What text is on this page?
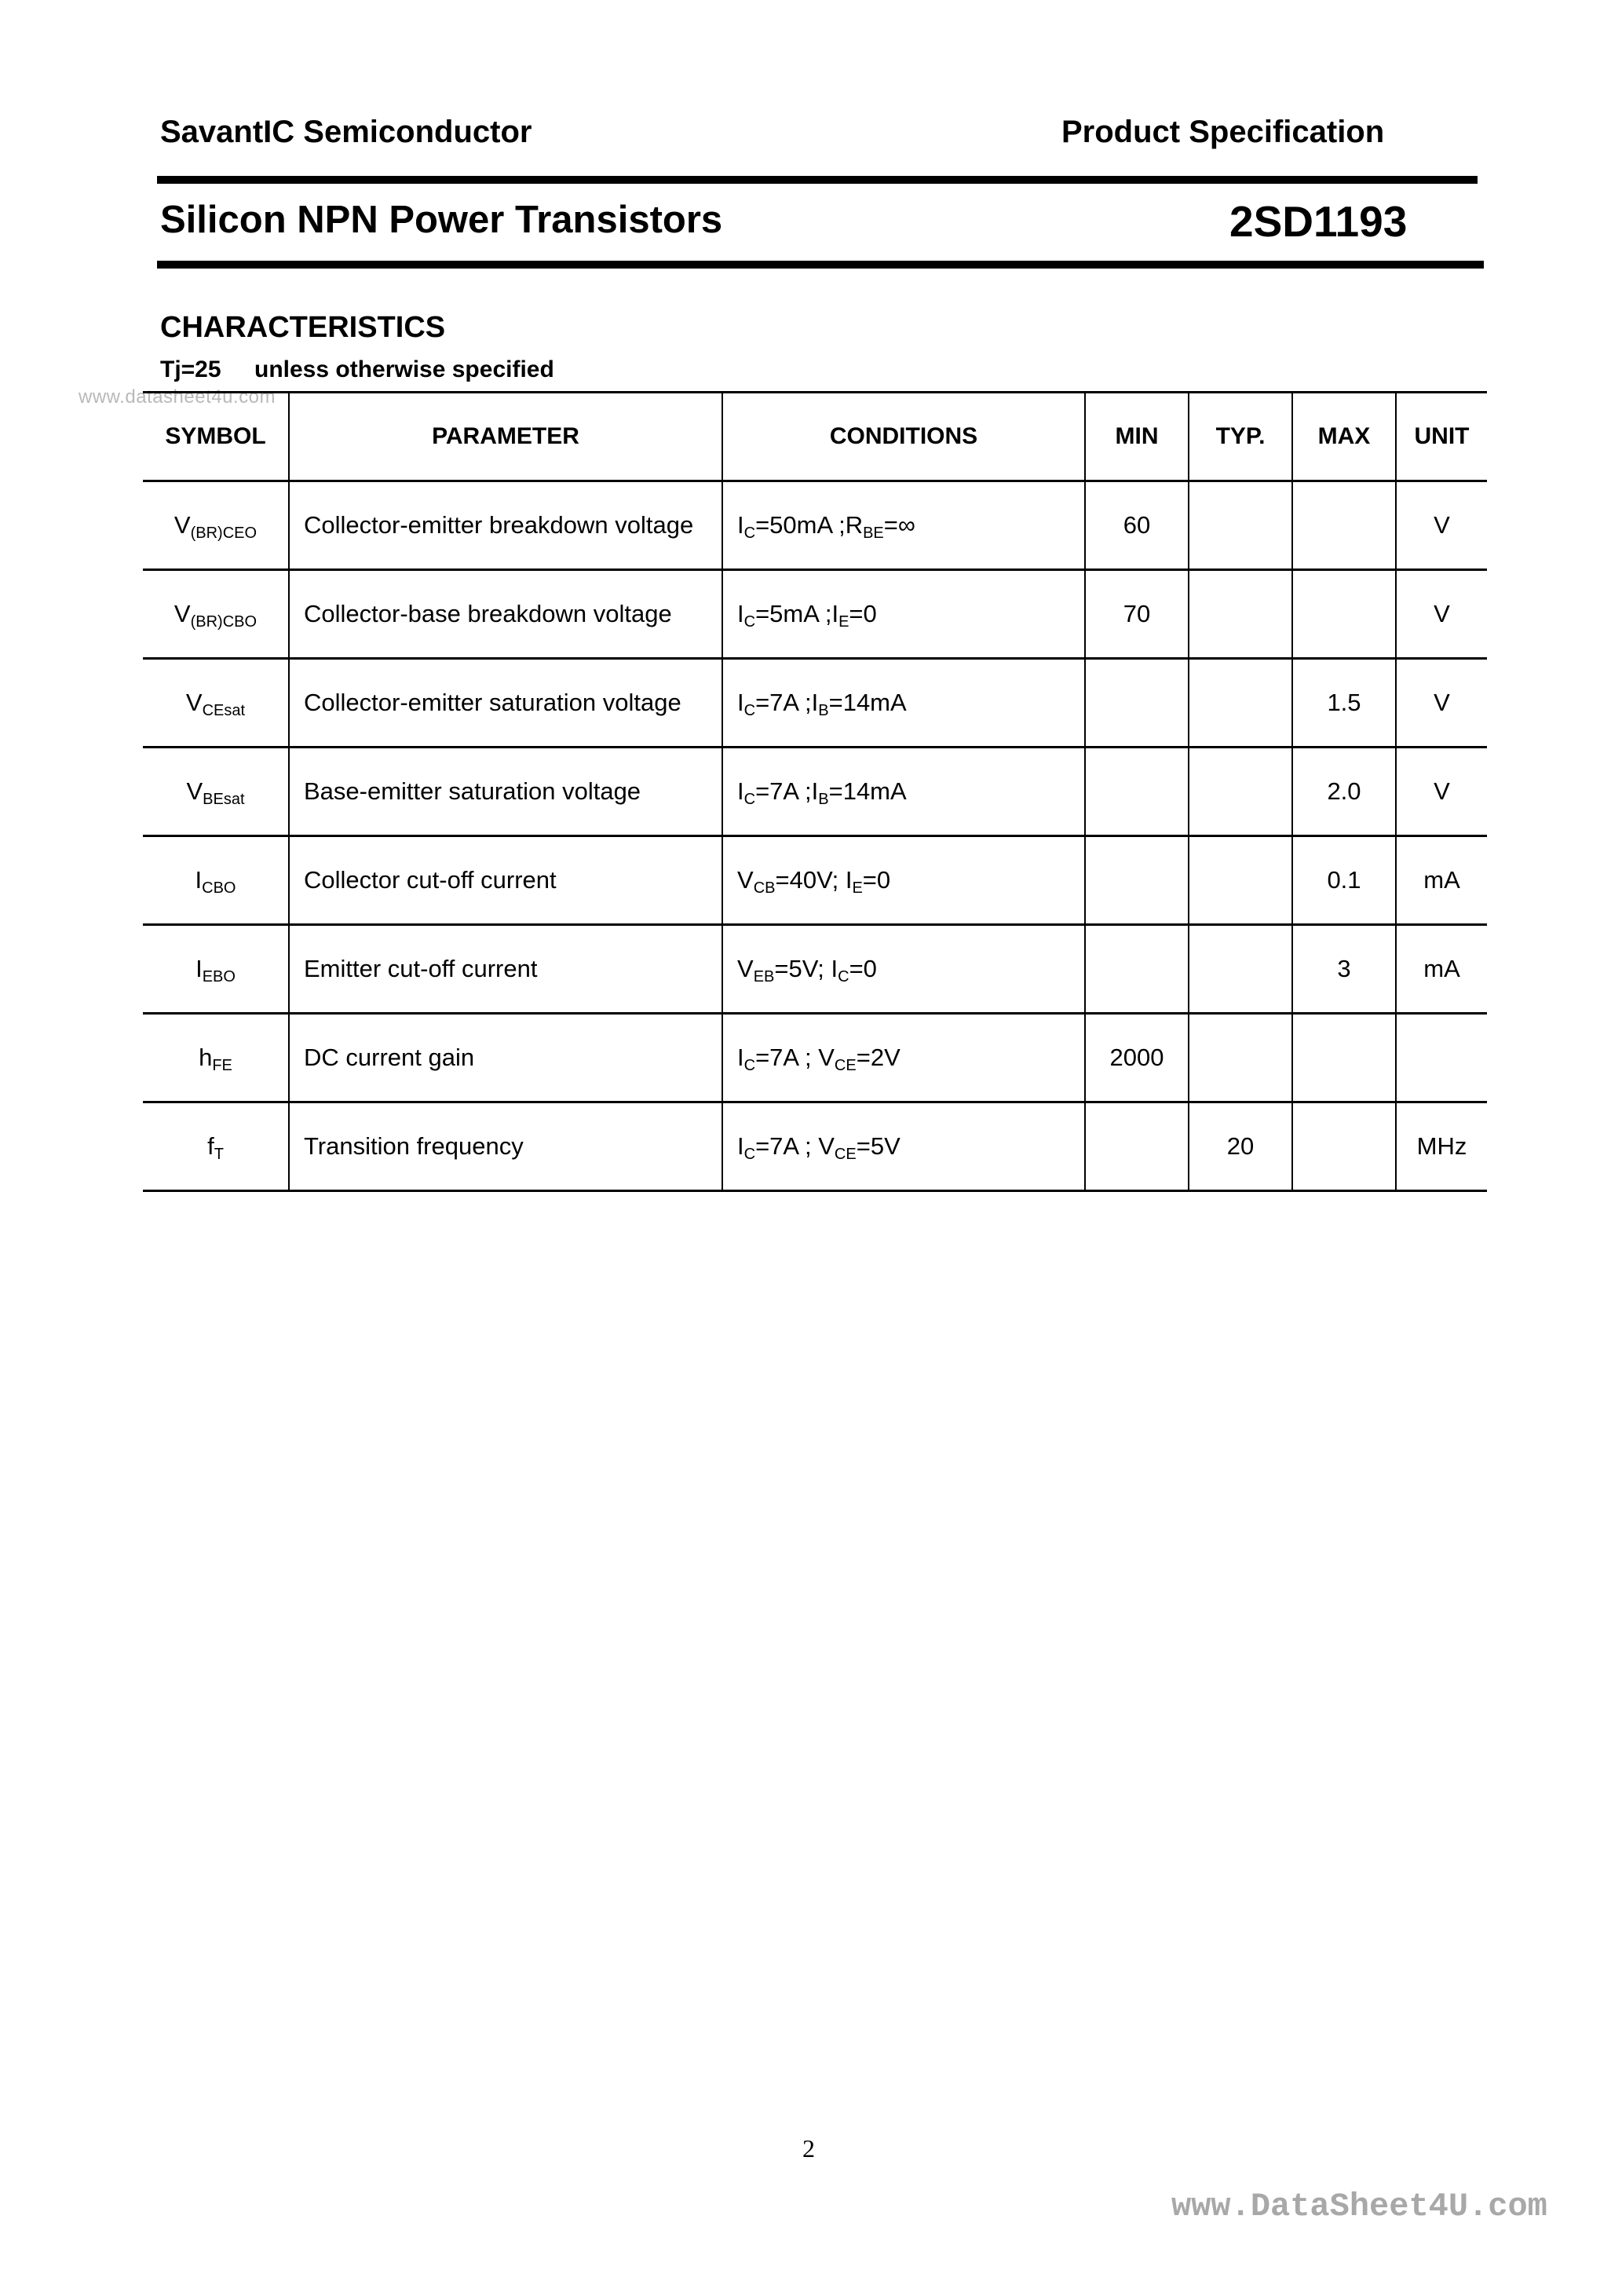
SavantIC Semiconductor	Product Specification
Silicon NPN Power Transistors	2SD1193
CHARACTERISTICS
Tj=25 unless otherwise specified
www.datasheet4u.com
SYMBOL	PARAMETER	CONDITIONS	MIN	TYP.	MAX	UNIT
$V_{(BR)CEO}$	Collector-emitter breakdown voltage	$I_C=50mA$ $;R_{BE}=\infty$	60			V
$V_{(BR)CBO}$	Collector-base breakdown voltage	$I_C=5mA$ $;I_E=0$	70			V
$V_{CEsat}$	Collector-emitter saturation voltage	$I_C=7A$ $;I_B=14mA$			1.5	V
$V_{BEsat}$	Base-emitter saturation voltage	$I_C=7A$ $;I_B=14mA$			2.0	V
$I_{CBO}$	Collector cut-off current	$V_{CB}=40V$; $I_E=0$			0.1	mA
$I_{EBO}$	Emitter cut-off current	$V_{EB}=5V$; $I_C=0$			3	mA
$h_{FE}$	DC current gain	$I_C=7A$ ; $V_{CE}=2V$	2000			
$f_T$	Transition frequency	$I_C=7A$ ; $V_{CE}=5V$		20		MHz
2
www.DataSheet4U.com
